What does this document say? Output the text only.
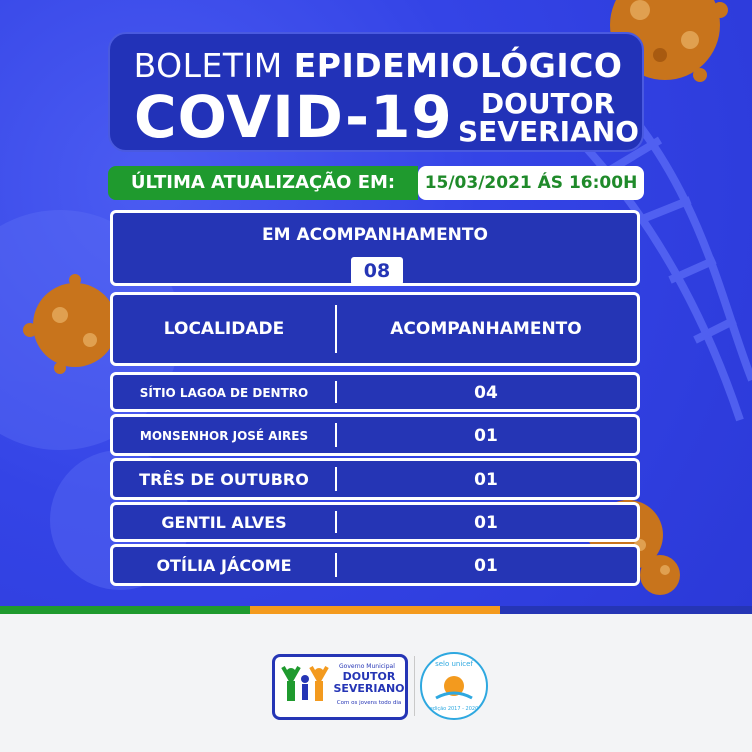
BOLETIM EPIDEMIOLÓGICO
COVID-19	DOUTOR
SEVERIANO
ÚLTIMA ATUALIZAÇÃO EM:	15/03/2021 ÁS 16:00H
EM ACOMPANHAMENTO
08
LOCALIDADE	ACOMPANHAMENTO
SÍTIO LAGOA DE DENTRO	04
MONSENHOR JOSÉ AIRES	01
TRÊS DE OUTUBRO	01
GENTIL ALVES	01
OTÍLIA JÁCOME	01
Governo Municipal
DOUTOR
SEVERIANO
Com os jovens todo dia
selo unicef
edição 2017 - 2020
